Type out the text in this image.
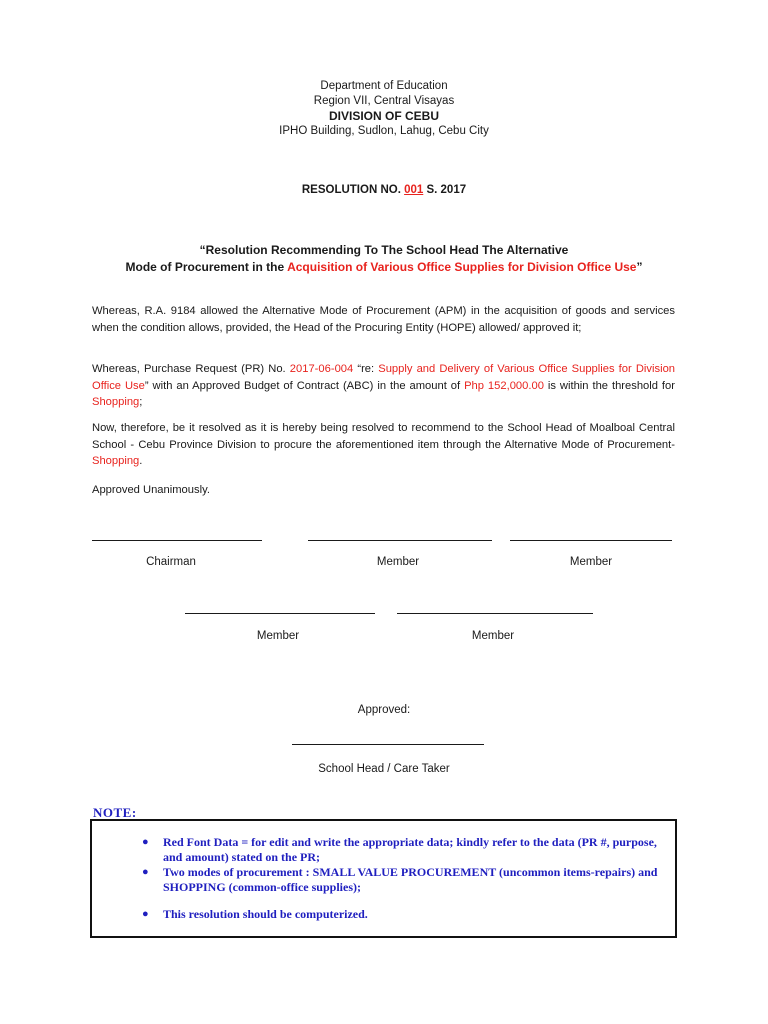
Department of Education
Region VII, Central Visayas
DIVISION OF CEBU
IPHO Building, Sudlon, Lahug, Cebu City
RESOLUTION NO. 001 S. 2017
“Resolution Recommending To The School Head The Alternative
Mode of Procurement in the Acquisition of Various Office Supplies for Division Office Use”
Whereas, R.A. 9184 allowed the Alternative Mode of Procurement (APM) in the acquisition of goods and services when the condition allows, provided, the Head of the Procuring Entity (HOPE) allowed/ approved it;
Whereas, Purchase Request (PR) No. 2017-06-004 “re: Supply and Delivery of Various Office Supplies for Division Office Use” with an Approved Budget of Contract (ABC) in the amount of Php 152,000.00 is within the threshold for Shopping;
Now, therefore, be it resolved as it is hereby being resolved to recommend to the School Head of Moalboal Central School - Cebu Province Division to procure the aforementioned item through the Alternative Mode of Procurement- Shopping.
Approved Unanimously.
Chairman	Member	Member
Member	Member
Approved:
School Head / Care Taker
NOTE:
● Red Font Data = for edit and write the appropriate data; kindly refer to the data (PR #, purpose, and amount) stated on the PR;
● Two modes of procurement : SMALL VALUE PROCUREMENT (uncommon items-repairs) and SHOPPING (common-office supplies);
● This resolution should be computerized.
